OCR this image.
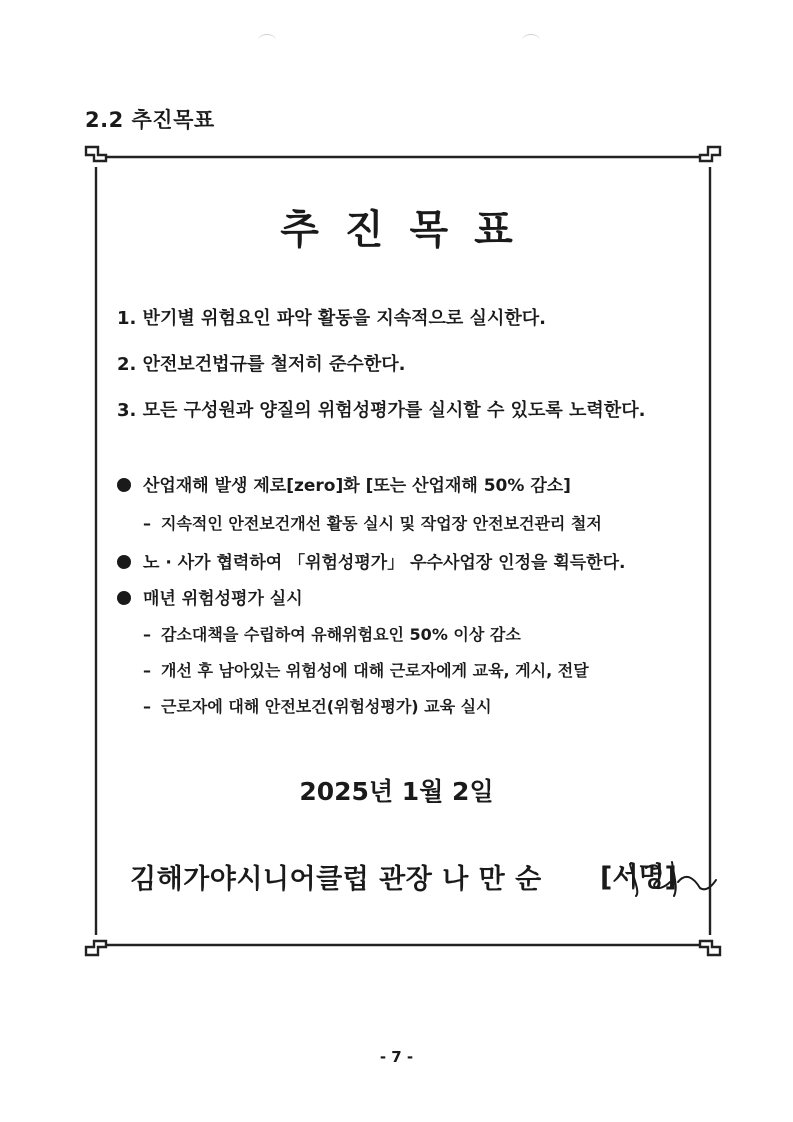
2.2 추진목표
추진목표
1. 반기별 위험요인 파악 활동을 지속적으로 실시한다.
2. 안전보건법규를 철저히 준수한다.
3. 모든 구성원과 양질의 위험성평가를 실시할 수 있도록 노력한다.
산업재해 발생 제로[zero]화 [또는 산업재해 50% 감소]
– 지속적인 안전보건개선 활동 실시 및 작업장 안전보건관리 철저
노 · 사가 협력하여 「위험성평가」 우수사업장 인정을 획득한다.
매년 위험성평가 실시
– 감소대책을 수립하여 유해위험요인 50% 이상 감소
– 개선 후 남아있는 위험성에 대해 근로자에게 교육, 게시, 전달
– 근로자에 대해 안전보건(위험성평가) 교육 실시
2025년 1월 2일
김해가야시니어클럽 관장 나 만 순 [서명]
- 7 -
